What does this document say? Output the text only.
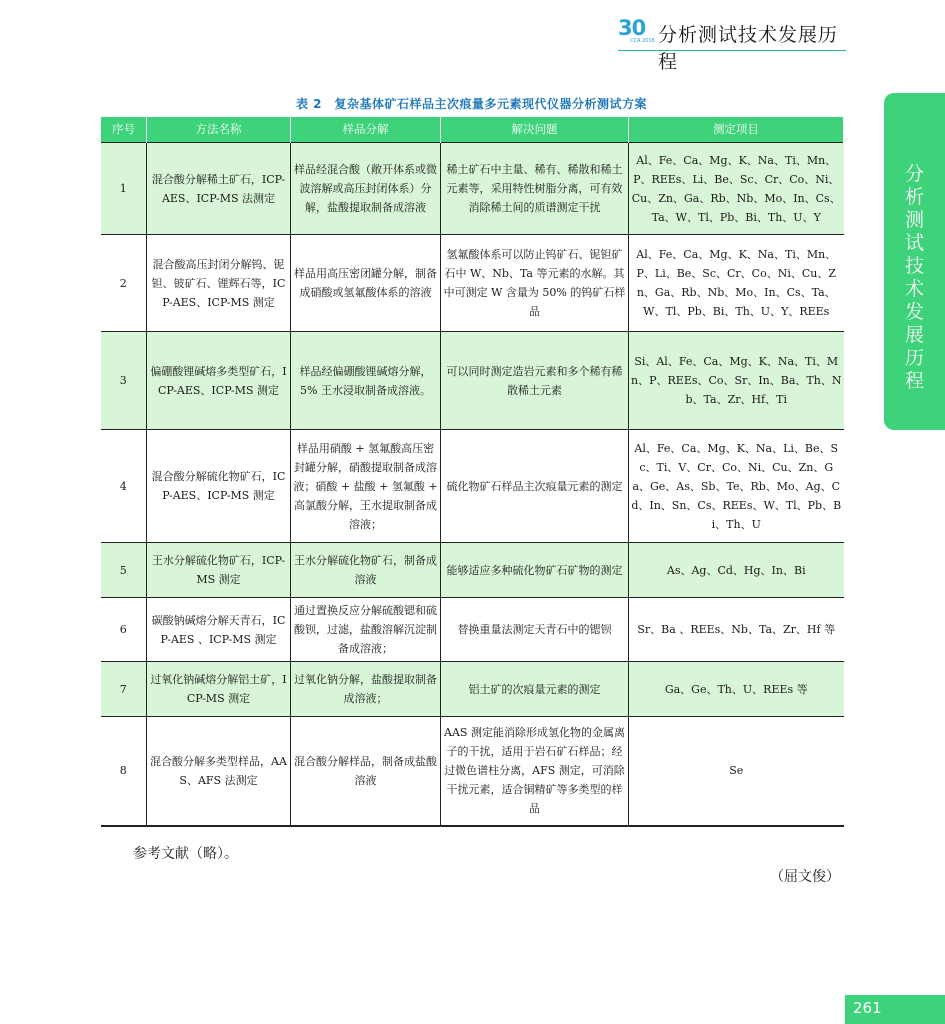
30
CCA 2016 分析测试技术发展历程
分
析
测
试
技
术
发
展
历
程
表 2　复杂基体矿石样品主次痕量多元素现代仪器分析测试方案
序号	方法名称	样品分解	解决问题	测定项目
1	混合酸分解稀土矿石，ICP-AES、ICP-MS 法测定	样品经混合酸（敞开体系或微波溶解或高压封闭体系）分解，盐酸提取制备成溶液	稀土矿石中主量、稀有、稀散和稀土元素等，采用特性树脂分离，可有效消除稀土间的质谱测定干扰	Al、Fe、Ca、Mg、K、Na、Ti、Mn、P、REEs、Li、Be、Sc、Cr、Co、Ni、Cu、Zn、Ga、Rb、Nb、Mo、In、Cs、Ta、W、Tl、Pb、Bi、Th、U、Y
2	混合酸高压封闭分解钨、铌钽、铍矿石、锂辉石等，ICP-AES、ICP-MS 测定	样品用高压密闭罐分解，制备成硝酸或氢氟酸体系的溶液	氢氟酸体系可以防止钨矿石、铌钽矿石中 W、Nb、Ta 等元素的水解。其中可测定 W 含量为 50% 的钨矿石样品	Al、Fe、Ca、Mg、K、Na、Ti、Mn、P、Li、Be、Sc、Cr、Co、Ni、Cu、Zn、Ga、Rb、Nb、Mo、In、Cs、Ta、W、Tl、Pb、Bi、Th、U、Y、REEs
3	偏硼酸锂碱熔多类型矿石，ICP-AES、ICP-MS 测定	样品经偏硼酸锂碱熔分解，5% 王水浸取制备成溶液。	可以同时测定造岩元素和多个稀有稀散稀土元素	Si、Al、Fe、Ca、Mg、K、Na、Ti、Mn、P、REEs、Co、Sr、In、Ba、Th、Nb、Ta、Zr、Hf、Ti
4	混合酸分解硫化物矿石，ICP-AES、ICP-MS 测定	样品用硝酸 + 氢氟酸高压密封罐分解，硝酸提取制备成溶液；硝酸 + 盐酸 + 氢氟酸 + 高氯酸分解，王水提取制备成溶液；	硫化物矿石样品主次痕量元素的测定	Al、Fe、Ca、Mg、K、Na、Li、Be、Sc、Ti、V、Cr、Co、Ni、Cu、Zn、Ga、Ge、As、Sb、Te、Rb、Mo、Ag、Cd、In、Sn、Cs、REEs、W、Tl、Pb、Bi、Th、U
5	王水分解硫化物矿石，ICP-MS 测定	王水分解硫化物矿石，制备成溶液	能够适应多种硫化物矿石矿物的测定	As、Ag、Cd、Hg、In、Bi
6	碳酸钠碱熔分解天青石，ICP-AES 、ICP-MS 测定	通过置换反应分解硫酸锶和硫酸钡，过滤，盐酸溶解沉淀制备成溶液；	替换重量法测定天青石中的锶钡	Sr、Ba 、REEs、Nb、Ta、Zr、Hf 等
7	过氧化钠碱熔分解铝土矿，ICP-MS 测定	过氧化钠分解，盐酸提取制备成溶液；	铝土矿的次痕量元素的测定	Ga、Ge、Th、U、REEs 等
8	混合酸分解多类型样品，AAS、AFS 法测定	混合酸分解样品，制备成盐酸溶液	AAS 测定能消除形成氢化物的金属离子的干扰，适用于岩石矿石样品；经过微色谱柱分离，AFS 测定，可消除干扰元素，适合铜精矿等多类型的样品	Se
参考文献（略）。
（屈文俊）
261
